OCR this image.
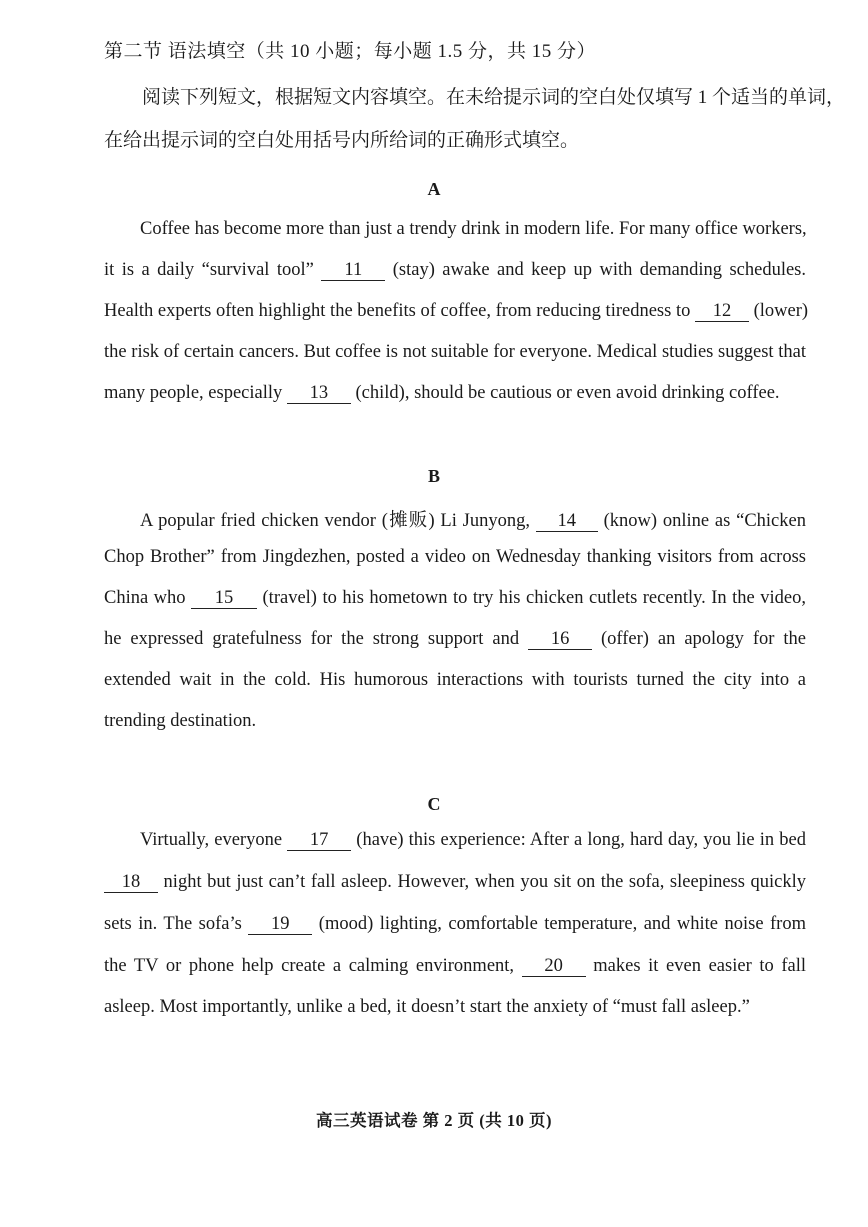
第二节 语法填空（共 10 小题；每小题 1.5 分，共 15 分）
阅读下列短文，根据短文内容填空。在未给提示词的空白处仅填写 1 个适当的单词，
在给出提示词的空白处用括号内所给词的正确形式填空。
A
Coffee has become more than just a trendy drink in modern life. For many office workers,
it is a daily “survival tool” 11 (stay) awake and keep up with demanding schedules.
Health experts often highlight the benefits of coffee, from reducing tiredness to 12 (lower)
the risk of certain cancers. But coffee is not suitable for everyone. Medical studies suggest that
many people, especially 13 (child), should be cautious or even avoid drinking coffee.
B
A popular fried chicken vendor (摊贩) Li Junyong, 14 (know) online as “Chicken
Chop Brother” from Jingdezhen, posted a video on Wednesday thanking visitors from across
China who 15 (travel) to his hometown to try his chicken cutlets recently. In the video,
he expressed gratefulness for the strong support and 16 (offer) an apology for the
extended wait in the cold. His humorous interactions with tourists turned the city into a
trending destination.
C
Virtually, everyone 17 (have) this experience: After a long, hard day, you lie in bed
18 night but just can’t fall asleep. However, when you sit on the sofa, sleepiness quickly
sets in. The sofa’s 19 (mood) lighting, comfortable temperature, and white noise from
the TV or phone help create a calming environment, 20 makes it even easier to fall
asleep. Most importantly, unlike a bed, it doesn’t start the anxiety of “must fall asleep.”
高三英语试卷 第 2 页 (共 10 页)
